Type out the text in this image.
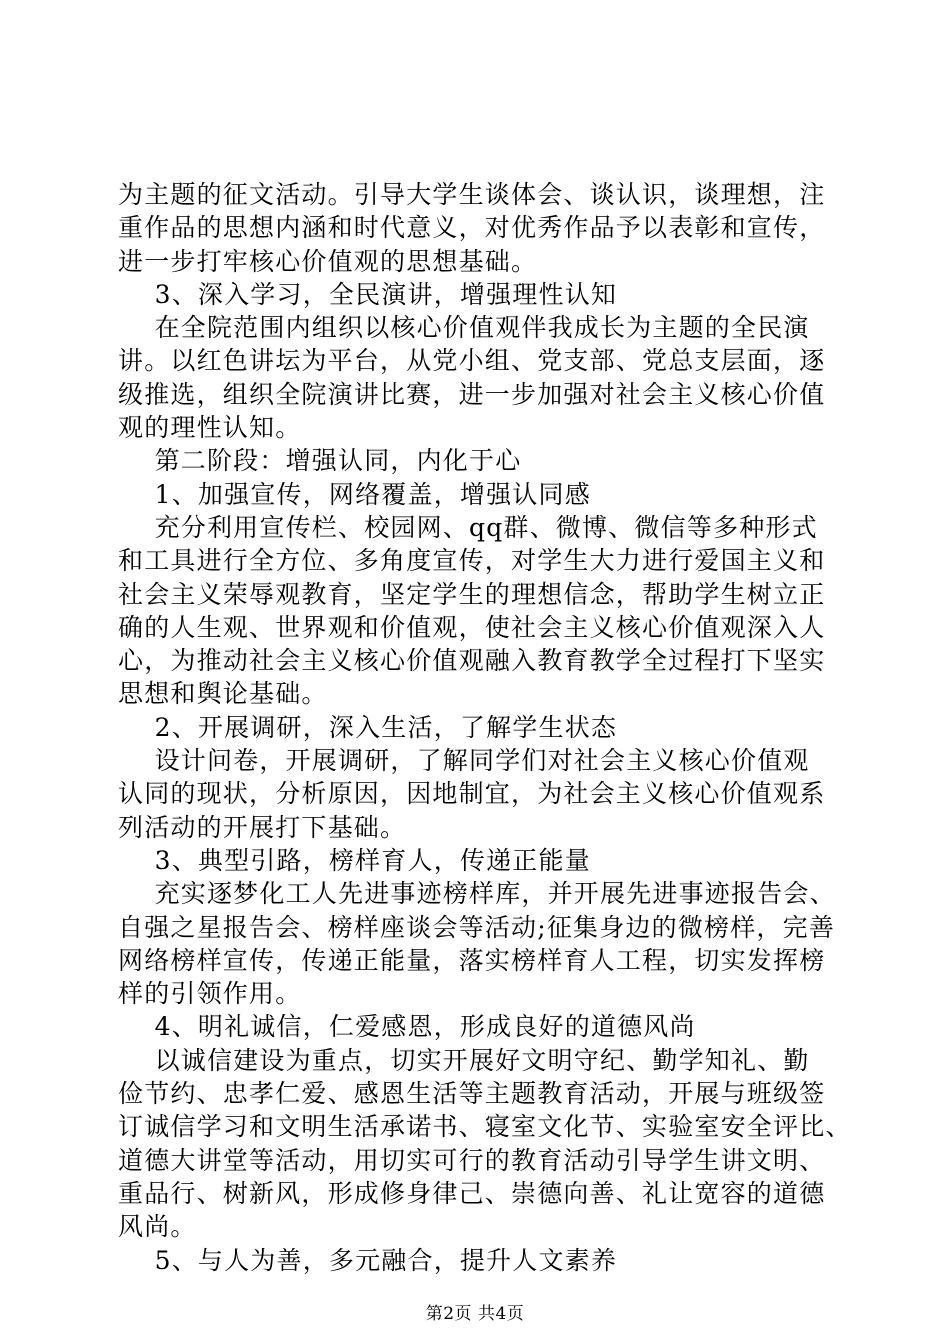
为主题的征文活动。引导大学生谈体会、谈认识，谈理想，注
重作品的思想内涵和时代意义，对优秀作品予以表彰和宣传，
进一步打牢核心价值观的思想基础。
3、深入学习，全民演讲，增强理性认知
在全院范围内组织以核心价值观伴我成长为主题的全民演
讲。以红色讲坛为平台，从党小组、党支部、党总支层面，逐
级推选，组织全院演讲比赛，进一步加强对社会主义核心价值
观的理性认知。
第二阶段：增强认同，内化于心
1、加强宣传，网络覆盖，增强认同感
充分利用宣传栏、校园网、qq群、微博、微信等多种形式
和工具进行全方位、多角度宣传，对学生大力进行爱国主义和
社会主义荣辱观教育，坚定学生的理想信念，帮助学生树立正
确的人生观、世界观和价值观，使社会主义核心价值观深入人
心，为推动社会主义核心价值观融入教育教学全过程打下坚实
思想和舆论基础。
2、开展调研，深入生活，了解学生状态
设计问卷，开展调研，了解同学们对社会主义核心价值观
认同的现状，分析原因，因地制宜，为社会主义核心价值观系
列活动的开展打下基础。
3、典型引路，榜样育人，传递正能量
充实逐梦化工人先进事迹榜样库，并开展先进事迹报告会、
自强之星报告会、榜样座谈会等活动;征集身边的微榜样，完善
网络榜样宣传，传递正能量，落实榜样育人工程，切实发挥榜
样的引领作用。
4、明礼诚信，仁爱感恩，形成良好的道德风尚
以诚信建设为重点，切实开展好文明守纪、勤学知礼、勤
俭节约、忠孝仁爱、感恩生活等主题教育活动，开展与班级签
订诚信学习和文明生活承诺书、寝室文化节、实验室安全评比、
道德大讲堂等活动，用切实可行的教育活动引导学生讲文明、
重品行、树新风，形成修身律己、崇德向善、礼让宽容的道德
风尚。
5、与人为善，多元融合，提升人文素养
第2页 共4页
